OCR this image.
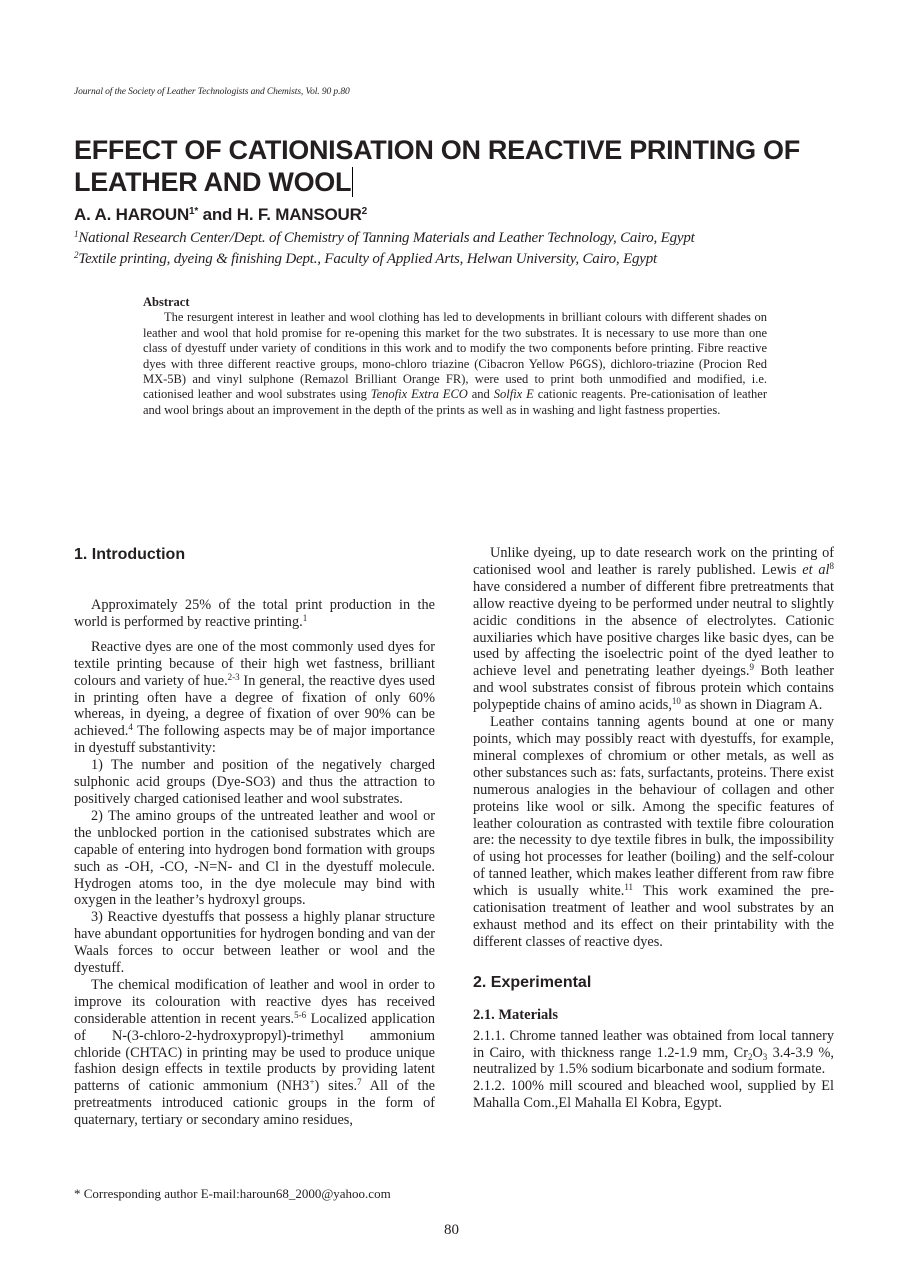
Journal of the Society of Leather Technologists and Chemists, Vol. 90 p.80
EFFECT OF CATIONISATION ON REACTIVE PRINTING OF LEATHER AND WOOL
A. A. $HAROUN^{1*}$ and H. F. MANSOUR$^2$
$^1$National Research Center/Dept. of Chemistry of Tanning Materials and Leather Technology, Cairo, Egypt
$^2$Textile printing, dyeing & finishing Dept., Faculty of Applied Arts, Helwan University, Cairo, Egypt
Abstract

The resurgent interest in leather and wool clothing has led to developments in brilliant colours with different shades on leather and wool that hold promise for re-opening this market for the two substrates. It is necessary to use more than one class of dyestuff under variety of conditions in this work and to modify the two components before printing. Fibre reactive dyes with three different reactive groups, mono-chloro triazine (Cibacron Yellow P6GS), dichloro-triazine (Procion Red MX-5B) and vinyl sulphone (Remazol Brilliant Orange FR), were used to print both unmodified and modified, i.e. cationised leather and wool substrates using Tenofix Extra ECO and Solfix E cationic reagents. Pre-cationisation of leather and wool brings about an improvement in the depth of the prints as well as in washing and light fastness properties.

1. Introduction

Approximately 25% of the total print production in the world is performed by reactive printing.$^1$

Reactive dyes are one of the most commonly used dyes for textile printing because of their high wet fastness, brilliant colours and variety of hue.$^{2-3}$ In general, the reactive dyes used in printing often have a degree of fixation of only 60% whereas, in dyeing, a degree of fixation of over 90% can be achieved.$^4$ The following aspects may be of major importance in dyestuff substantivity:

1) The number and position of the negatively charged sulphonic acid groups (Dye-SO3) and thus the attraction to positively charged cationised leather and wool substrates.

2) The amino groups of the untreated leather and wool or the unblocked portion in the cationised substrates which are capable of entering into hydrogen bond formation with groups such as -OH, -CO, -N=N- and Cl in the dyestuff molecule. Hydrogen atoms too, in the dye molecule may bind with oxygen in the leather’s hydroxyl groups.

3) Reactive dyestuffs that possess a highly planar structure have abundant opportunities for hydrogen bonding and van der Waals forces to occur between leather or wool and the dyestuff.

The chemical modification of leather and wool in order to improve its colouration with reactive dyes has received considerable attention in recent years.$^{5-6}$ Localized application of N-(3-chloro-2-hydroxypropyl)-trimethyl ammonium chloride (CHTAC) in printing may be used to produce unique fashion design effects in textile products by providing latent patterns of cationic ammonium (NH3+) sites.$^7$ All of the pretreatments introduced cationic groups in the form of quaternary, tertiary or secondary amino residues,

Unlike dyeing, up to date research work on the printing of cationised wool and leather is rarely published. Lewis et $al^8$ have considered a number of different fibre pretreatments that allow reactive dyeing to be performed under neutral to slightly acidic conditions in the absence of electrolytes. Cationic auxiliaries which have positive charges like basic dyes, can be used by affecting the isoelectric point of the dyed leather to achieve level and penetrating leather dyeings.$^9$ Both leather and wool substrates consist of fibrous protein which contains polypeptide chains of amino acids,$^{10}$ as shown in Diagram A.

Leather contains tanning agents bound at one or many points, which may possibly react with dyestuffs, for example, mineral complexes of chromium or other metals, as well as other substances such as: fats, surfactants, proteins. There exist numerous analogies in the behaviour of collagen and other proteins like wool or silk. Among the specific features of leather colouration as contrasted with textile fibre colouration are: the necessity to dye textile fibres in bulk, the impossibility of using hot processes for leather (boiling) and the self-colour of tanned leather, which makes leather different from raw fibre which is usually white.$^{11}$ This work examined the pre-cationisation treatment of leather and wool substrates by an exhaust method and its effect on their printability with the different classes of reactive dyes.

2. Experimental
2.1. Materials

2.1.1. Chrome tanned leather was obtained from local tannery in Cairo, with thickness range 1.2-1.9 mm, $Cr_2O_3$ 3.4-3.9 %, neutralized by 1.5% sodium bicarbonate and sodium formate.

2.1.2. 100% mill scoured and bleached wool, supplied by El Mahalla Com.,El Mahalla El Kobra, Egypt.

* Corresponding author E-mail:haroun68_2000@yahoo.com
80
